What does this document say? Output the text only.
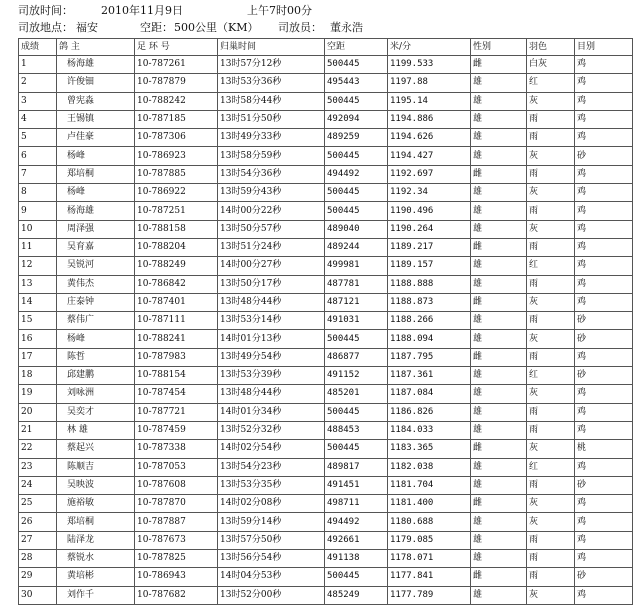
司放时间：	2010年11月9日	上午7时00分
司放地点： 福安	空距：500公里（KM） 司放员： 董永浩
成绩	鸽 主	足 环 号	归巢时间	空距	米/分	性别	羽色	目别
1	杨海雄	10-787261	13时57分12秒	500445	1199.533	雌	白灰	鸡
2	许俊钿	10-787879	13时53分36秒	495443	1197.88	雄	红	鸡
3	曾宪淼	10-788242	13时58分44秒	500445	1195.14	雄	灰	鸡
4	王锡镇	10-787185	13时51分50秒	492094	1194.886	雄	雨	鸡
5	卢佳豪	10-787306	13时49分33秒	489259	1194.626	雄	雨	鸡
6	杨峰	10-786923	13时58分59秒	500445	1194.427	雄	灰	砂
7	郑培桐	10-787885	13时54分36秒	494492	1192.697	雌	雨	鸡
8	杨峰	10-786922	13时59分43秒	500445	1192.34	雄	灰	鸡
9	杨海雄	10-787251	14时00分22秒	500445	1190.496	雄	雨	鸡
10	周泽强	10-788158	13时50分57秒	489040	1190.264	雄	灰	鸡
11	吴育嘉	10-788204	13时51分24秒	489244	1189.217	雌	雨	鸡
12	吴锐河	10-788249	14时00分27秒	499981	1189.157	雄	红	鸡
13	黄伟杰	10-786842	13时50分17秒	487781	1188.888	雄	雨	鸡
14	庄泰钟	10-787401	13时48分44秒	487121	1188.873	雌	灰	鸡
15	蔡伟广	10-787111	13时53分14秒	491031	1188.266	雄	雨	砂
16	杨峰	10-788241	14时01分13秒	500445	1188.094	雄	灰	砂
17	陈哲	10-787983	13时49分54秒	486877	1187.795	雌	雨	鸡
18	邱建鹏	10-788154	13时53分39秒	491152	1187.361	雄	红	砂
19	刘咏洲	10-787454	13时48分44秒	485201	1187.084	雄	灰	鸡
20	吴奕才	10-787721	14时01分34秒	500445	1186.826	雄	雨	鸡
21	林 雄	10-787459	13时52分32秒	488453	1184.033	雄	雨	鸡
22	蔡起兴	10-787338	14时02分54秒	500445	1183.365	雌	灰	桃
23	陈顺吉	10-787053	13时54分23秒	489817	1182.038	雄	红	鸡
24	吴映波	10-787608	13时53分35秒	491451	1181.704	雄	雨	砂
25	施裕敏	10-787870	14时02分08秒	498711	1181.400	雌	灰	鸡
26	郑培桐	10-787887	13时59分14秒	494492	1180.688	雄	灰	鸡
27	陆泽龙	10-787673	13时57分50秒	492661	1179.085	雄	雨	鸡
28	蔡锐水	10-787825	13时56分54秒	491138	1178.071	雄	雨	鸡
29	黄培彬	10-786943	14时04分53秒	500445	1177.841	雌	雨	砂
30	刘作千	10-787682	13时52分00秒	485249	1177.789	雄	灰	鸡
